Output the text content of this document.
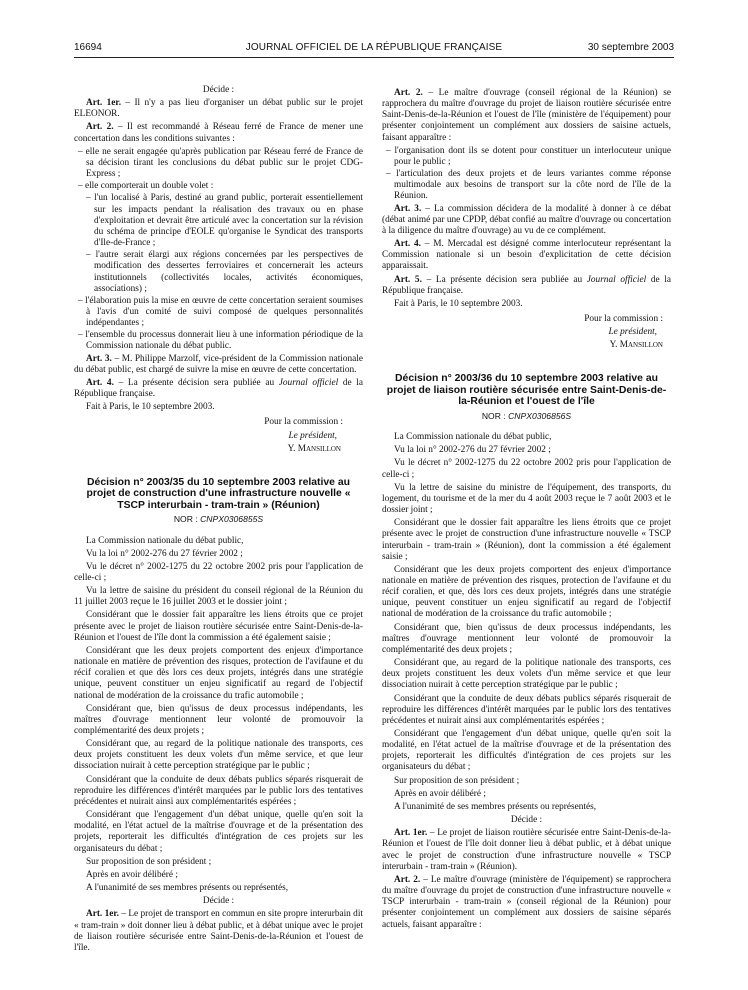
16694	JOURNAL OFFICIEL DE LA RÉPUBLIQUE FRANÇAISE	30 septembre 2003

Décide :

Art. 1er. – Il n'y a pas lieu d'organiser un débat public sur le projet ELEONOR.

Art. 2. – Il est recommandé à Réseau ferré de France de mener une concertation dans les conditions suivantes :

– elle ne serait engagée qu'après publication par Réseau ferré de France de sa décision tirant les conclusions du débat public sur le projet CDG-Express ;
– elle comporterait un double volet :
– l'un localisé à Paris, destiné au grand public, porterait essentiellement sur les impacts pendant la réalisation des travaux ou en phase d'exploitation et devrait être articulé avec la concertation sur la révision du schéma de principe d'EOLE qu'organise le Syndicat des transports d'Ile-de-France ;
– l'autre serait élargi aux régions concernées par les perspectives de modification des dessertes ferroviaires et concernerait les acteurs institutionnels (collectivités locales, activités économiques, associations) ;
– l'élaboration puis la mise en œuvre de cette concertation seraient soumises à l'avis d'un comité de suivi composé de quelques personnalités indépendantes ;
– l'ensemble du processus donnerait lieu à une information périodique de la Commission nationale du débat public.

Art. 3. – M. Philippe Marzolf, vice-président de la Commission nationale du débat public, est chargé de suivre la mise en œuvre de cette concertation.

Art. 4. – La présente décision sera publiée au Journal officiel de la République française.

Fait à Paris, le 10 septembre 2003.

Pour la commission :

Le président,

Y. Mansillon

Décision n° 2003/35 du 10 septembre 2003 relative au projet de construction d'une infrastructure nouvelle « TSCP interurbain - tram-train » (Réunion)
NOR : CNPX0306855S

La Commission nationale du débat public,

Vu la loi n° 2002-276 du 27 février 2002 ;

Vu le décret n° 2002-1275 du 22 octobre 2002 pris pour l'application de celle-ci ;

Vu la lettre de saisine du président du conseil régional de la Réunion du 11 juillet 2003 reçue le 16 juillet 2003 et le dossier joint ;

Considérant que le dossier fait apparaître les liens étroits que ce projet présente avec le projet de liaison routière sécurisée entre Saint-Denis-de-la-Réunion et l'ouest de l'île dont la commission a été également saisie ;

Considérant que les deux projets comportent des enjeux d'importance nationale en matière de prévention des risques, protection de l'avifaune et du récif coralien et que dès lors ces deux projets, intégrés dans une stratégie unique, peuvent constituer un enjeu significatif au regard de l'objectif national de modération de la croissance du trafic automobile ;

Considérant que, bien qu'issus de deux processus indépendants, les maîtres d'ouvrage mentionnent leur volonté de promouvoir la complémentarité des deux projets ;

Considérant que, au regard de la politique nationale des transports, ces deux projets constituent les deux volets d'un même service, et que leur dissociation nuirait à cette perception stratégique par le public ;

Considérant que la conduite de deux débats publics séparés risquerait de reproduire les différences d'intérêt marquées par le public lors des tentatives précédentes et nuirait ainsi aux complémentarités espérées ;

Considérant que l'engagement d'un débat unique, quelle qu'en soit la modalité, en l'état actuel de la maîtrise d'ouvrage et de la présentation des projets, reporterait les difficultés d'intégration de ces projets sur les organisateurs du débat ;

Sur proposition de son président ;

Après en avoir délibéré ;

A l'unanimité de ses membres présents ou représentés,

Décide :

Art. 1er. – Le projet de transport en commun en site propre interurbain dit « tram-train » doit donner lieu à débat public, et à débat unique avec le projet de liaison routière sécurisée entre Saint-Denis-de-la-Réunion et l'ouest de l'île.

Art. 2. – Le maître d'ouvrage (conseil régional de la Réunion) se rapprochera du maître d'ouvrage du projet de liaison routière sécurisée entre Saint-Denis-de-la-Réunion et l'ouest de l'île (ministère de l'équipement) pour présenter conjointement un complément aux dossiers de saisine actuels, faisant apparaître :

– l'organisation dont ils se dotent pour constituer un interlocuteur unique pour le public ;
– l'articulation des deux projets et de leurs variantes comme réponse multimodale aux besoins de transport sur la côte nord de l'île de la Réunion.

Art. 3. – La commission décidera de la modalité à donner à ce débat (débat animé par une CPDP, débat confié au maître d'ouvrage ou concertation à la diligence du maître d'ouvrage) au vu de ce complément.

Art. 4. – M. Mercadal est désigné comme interlocuteur représentant la Commission nationale si un besoin d'explicitation de cette décision apparaissait.

Art. 5. – La présente décision sera publiée au Journal officiel de la République française.

Fait à Paris, le 10 septembre 2003.

Pour la commission :

Le président,

Y. Mansillon

Décision n° 2003/36 du 10 septembre 2003 relative au projet de liaison routière sécurisée entre Saint-Denis-de-la-Réunion et l'ouest de l'île
NOR : CNPX0306856S

La Commission nationale du débat public,

Vu la loi n° 2002-276 du 27 février 2002 ;

Vu le décret n° 2002-1275 du 22 octobre 2002 pris pour l'application de celle-ci ;

Vu la lettre de saisine du ministre de l'équipement, des transports, du logement, du tourisme et de la mer du 4 août 2003 reçue le 7 août 2003 et le dossier joint ;

Considérant que le dossier fait apparaître les liens étroits que ce projet présente avec le projet de construction d'une infrastructure nouvelle « TSCP interurbain - tram-train » (Réunion), dont la commission a été également saisie ;

Considérant que les deux projets comportent des enjeux d'importance nationale en matière de prévention des risques, protection de l'avifaune et du récif coralien, et que, dès lors ces deux projets, intégrés dans une stratégie unique, peuvent constituer un enjeu significatif au regard de l'objectif national de modération de la croissance du trafic automobile ;

Considérant que, bien qu'issus de deux processus indépendants, les maîtres d'ouvrage mentionnent leur volonté de promouvoir la complémentarité des deux projets ;

Considérant que, au regard de la politique nationale des transports, ces deux projets constituent les deux volets d'un même service et que leur dissociation nuirait à cette perception stratégique par le public ;

Considérant que la conduite de deux débats publics séparés risquerait de reproduire les différences d'intérêt marquées par le public lors des tentatives précédentes et nuirait ainsi aux complémentarités espérées ;

Considérant que l'engagement d'un débat unique, quelle qu'en soit la modalité, en l'état actuel de la maîtrise d'ouvrage et de la présentation des projets, reporterait les difficultés d'intégration de ces projets sur les organisateurs du débat ;

Sur proposition de son président ;

Après en avoir délibéré ;

A l'unanimité de ses membres présents ou représentés,

Décide :

Art. 1er. – Le projet de liaison routière sécurisée entre Saint-Denis-de-la-Réunion et l'ouest de l'île doit donner lieu à débat public, et à débat unique avec le projet de construction d'une infrastructure nouvelle « TSCP interurbain - tram-train » (Réunion).

Art. 2. – Le maître d'ouvrage (ministère de l'équipement) se rapprochera du maître d'ouvrage du projet de construction d'une infrastructure nouvelle « TSCP interurbain - tram-train » (conseil régional de la Réunion) pour présenter conjointement un complément aux dossiers de saisine séparés actuels, faisant apparaître :
